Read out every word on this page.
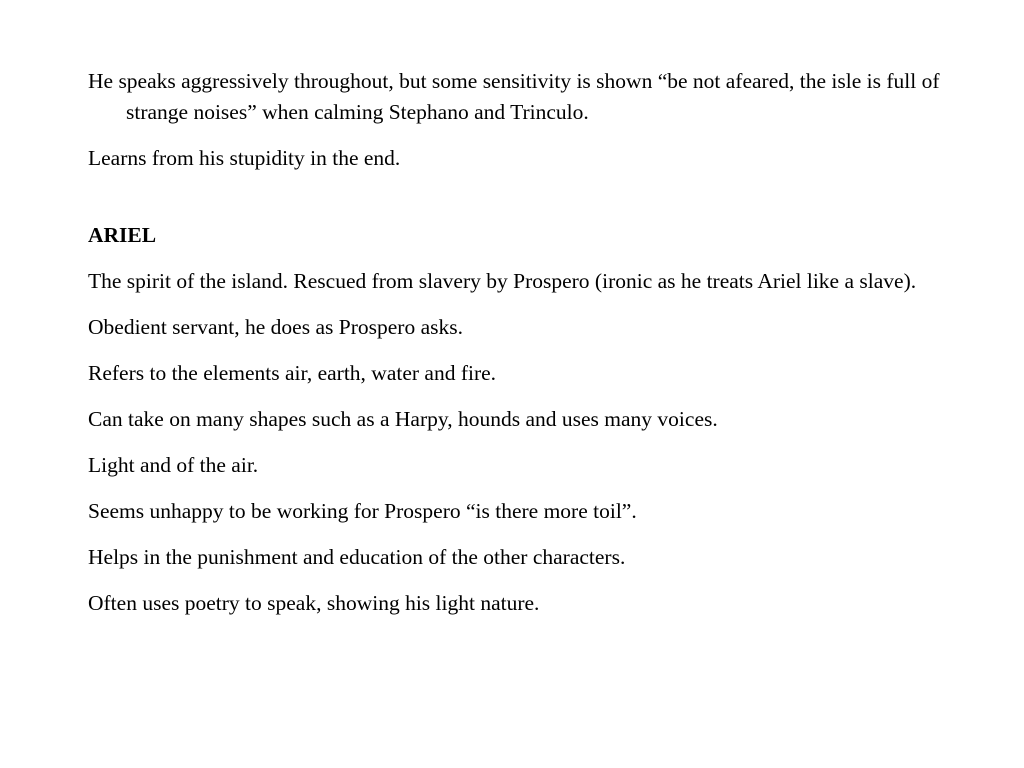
He speaks aggressively throughout, but some sensitivity is shown “be not afeared, the isle is full of strange noises” when calming Stephano and Trinculo.

Learns from his stupidity in the end.

ARIEL

The spirit of the island. Rescued from slavery by Prospero (ironic as he treats Ariel like a slave).

Obedient servant, he does as Prospero asks.

Refers to the elements air, earth, water and fire.

Can take on many shapes such as a Harpy, hounds and uses many voices.

Light and of the air.

Seems unhappy to be working for Prospero “is there more toil”.

Helps in the punishment and education of the other characters.

Often uses poetry to speak, showing his light nature.
